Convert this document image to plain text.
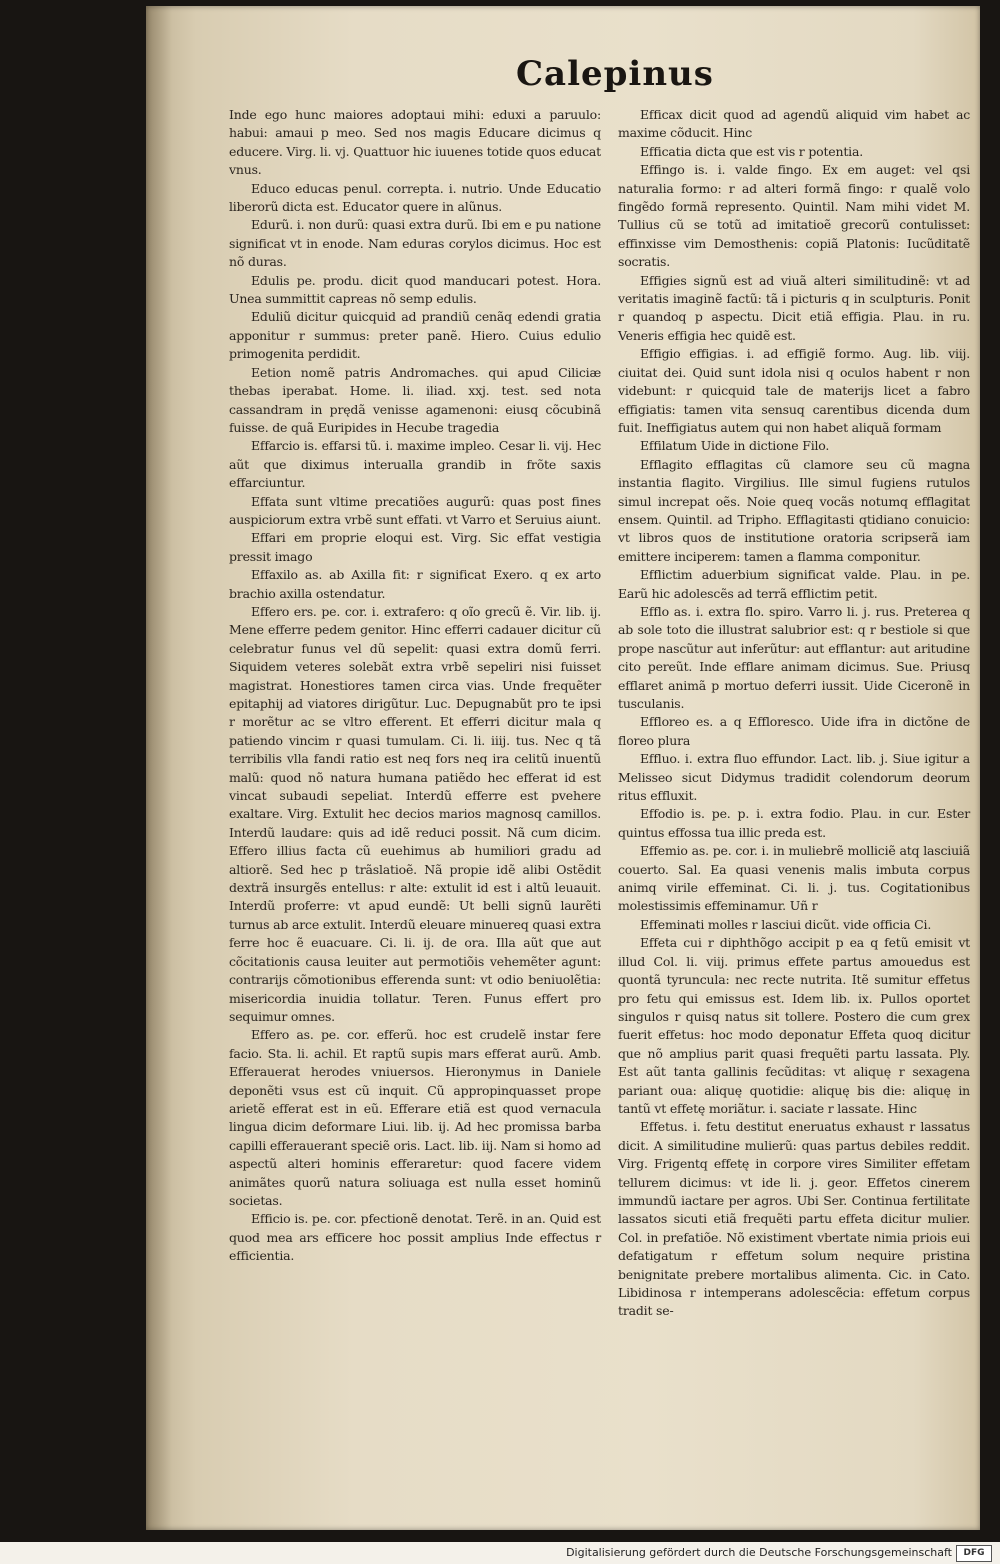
Calepinus

Inde ego hunc maiores adoptaui mihi: eduxi a paruulo: habui: amaui p meo. Sed nos magis Educare dicimus q educere. Virg. li. vj. Quattuor hic iuuenes totide quos educat vnus.

Educo educas penul. correpta. i. nutrio. Unde Educatio liberorũ dicta est. Educator quere in alũnus.

Edurũ. i. non durũ: quasi extra durũ. Ibi em e pu natione significat vt in enode. Nam eduras corylos dicimus. Hoc est nõ duras.

Edulis pe. produ. dicit quod manducari potest. Hora. Unea summittit capreas nõ semp edulis.

Eduliũ dicitur quicquid ad prandiũ cenãq edendi gratia apponitur r summus: preter panẽ. Hiero. Cuius edulio primogenita perdidit.

Eetion nomẽ patris Andromaches. qui apud Ciliciæ thebas iperabat. Home. li. iliad. xxj. test. sed nota cassandram in prędã venisse agamenoni: eiusq cõcubinã fuisse. de quã Euripides in Hecube tragedia

Effarcio is. effarsi tũ. i. maxime impleo. Cesar li. vij. Hec aũt que diximus interualla grandib in frõte saxis effarciuntur.

Effata sunt vltime precatiões augurũ: quas post fines auspiciorum extra vrbẽ sunt effati. vt Varro et Seruius aiunt.

Effari em proprie eloqui est. Virg. Sic effat vestigia pressit imago

Effaxilo as. ab Axilla fit: r significat Exero. q ex arto brachio axilla ostendatur.

Effero ers. pe. cor. i. extrafero: q oĩo grecũ ẽ. Vir. lib. ij. Mene efferre pedem genitor. Hinc efferri cadauer dicitur cũ celebratur funus vel dũ sepelit: quasi extra domũ ferri. Siquidem veteres solebãt extra vrbẽ sepeliri nisi fuisset magistrat. Honestiores tamen circa vias. Unde frequẽter epitaphij ad viatores dirigũtur. Luc. Depugnabũt pro te ipsi r morẽtur ac se vltro efferent. Et efferri dicitur mala q patiendo vincim r quasi tumulam. Ci. li. iiij. tus. Nec q tã terribilis vlla fandi ratio est neq fors neq ira celitũ inuentũ malũ: quod nõ natura humana patiẽdo hec efferat id est vincat subaudi sepeliat. Interdũ efferre est pvehere exaltare. Virg. Extulit hec decios marios magnosq camillos. Interdũ laudare: quis ad idẽ reduci possit. Nã cum dicim. Effero illius facta cũ euehimus ab humiliori gradu ad altiorẽ. Sed hec p trãslatioẽ. Nã propie idẽ alibi Ostẽdit dextrã insurgẽs entellus: r alte: extulit id est i altũ leuauit. Interdũ proferre: vt apud eundẽ: Ut belli signũ laurẽti turnus ab arce extulit. Interdũ eleuare minuereq quasi extra ferre hoc ẽ euacuare. Ci. li. ij. de ora. Illa aũt que aut cõcitationis causa leuiter aut permotiõis vehemẽter agunt: contrarijs cõmotionibus efferenda sunt: vt odio beniuolẽtia: misericordia inuidia tollatur. Teren. Funus effert pro sequimur omnes.

Effero as. pe. cor. efferũ. hoc est crudelẽ instar fere facio. Sta. li. achil. Et raptũ supis mars efferat aurũ. Amb. Efferauerat herodes vniuersos. Hieronymus in Daniele deponẽti vsus est cũ inquit. Cũ appropinquasset prope arietẽ efferat est in eũ. Efferare etiã est quod vernacula lingua dicim deformare Liui. lib. ij. Ad hec promissa barba capilli efferauerant speciẽ oris. Lact. lib. iij. Nam si homo ad aspectũ alteri hominis efferaretur: quod facere videm animãtes quorũ natura soliuaga est nulla esset hominũ societas.

Efficio is. pe. cor. pfectionẽ denotat. Terẽ. in an. Quid est quod mea ars efficere hoc possit amplius Inde effectus r efficientia.

Efficax dicit quod ad agendũ aliquid vim habet ac maxime cõducit. Hinc

Efficatia dicta que est vis r potentia.

Effingo is. i. valde fingo. Ex em auget: vel qsi naturalia formo: r ad alteri formã fingo: r qualẽ volo fingẽdo formã represento. Quintil. Nam mihi videt M. Tullius cũ se totũ ad imitatioẽ grecorũ contulisset: effinxisse vim Demosthenis: copiã Platonis: Iucũditatẽ socratis.

Effigies signũ est ad viuã alteri similitudinẽ: vt ad veritatis imaginẽ factũ: tã i picturis q in sculpturis. Ponit r quandoq p aspectu. Dicit etiã effigia. Plau. in ru. Veneris effigia hec quidẽ est.

Effigio effigias. i. ad effigiẽ formo. Aug. lib. viij. ciuitat dei. Quid sunt idola nisi q oculos habent r non videbunt: r quicquid tale de materijs licet a fabro effigiatis: tamen vita sensuq carentibus dicenda dum fuit. Ineffigiatus autem qui non habet aliquã formam

Effilatum Uide in dictione Filo.

Efflagito efflagitas cũ clamore seu cũ magna instantia flagito. Virgilius. Ille simul fugiens rutulos simul increpat oẽs. Noie queq vocãs notumq efflagitat ensem. Quintil. ad Tripho. Efflagitasti qtidiano conuicio: vt libros quos de institutione oratoria scripserã iam emittere inciperem: tamen a flamma componitur.

Efflictim aduerbium significat valde. Plau. in pe. Earũ hic adolescẽs ad terrã efflictim petit.

Efflo as. i. extra flo. spiro. Varro li. j. rus. Preterea q ab sole toto die illustrat salubrior est: q r bestiole si que prope nascũtur aut inferũtur: aut efflantur: aut aritudine cito pereũt. Inde efflare animam dicimus. Sue. Priusq efflaret animã p mortuo deferri iussit. Uide Ciceronẽ in tusculanis.

Effloreo es. a q Effloresco. Uide ifra in dictõne de floreo plura

Effluo. i. extra fluo effundor. Lact. lib. j. Siue igitur a Melisseo sicut Didymus tradidit colendorum deorum ritus effluxit.

Effodio is. pe. p. i. extra fodio. Plau. in cur. Ester quintus effossa tua illic preda est.

Effemio as. pe. cor. i. in muliebrẽ molliciẽ atq lasciuiã couerto. Sal. Ea quasi venenis malis imbuta corpus animq virile effeminat. Ci. li. j. tus. Cogitationibus molestissimis effeminamur. Uñ r

Effeminati molles r lasciui dicũt. vide officia Ci.

Effeta cui r diphthõgo accipit p ea q fetũ emisit vt illud Col. li. viij. primus effete partus amouedus est quontã tyruncula: nec recte nutrita. Itẽ sumitur effetus pro fetu qui emissus est. Idem lib. ix. Pullos oportet singulos r quisq natus sit tollere. Postero die cum grex fuerit effetus: hoc modo deponatur Effeta quoq dicitur que nõ amplius parit quasi frequẽti partu lassata. Ply. Est aũt tanta gallinis fecũditas: vt aliquę r sexagena pariant oua: aliquę quotidie: aliquę bis die: aliquę in tantũ vt effetę moriãtur. i. saciate r lassate. Hinc

Effetus. i. fetu destitut eneruatus exhaust r lassatus dicit. A similitudine mulierũ: quas partus debiles reddit. Virg. Frigentq effetę in corpore vires Similiter effetam tellurem dicimus: vt ide li. j. geor. Effetos cinerem immundũ iactare per agros. Ubi Ser. Continua fertilitate lassatos sicuti etiã frequẽti partu effeta dicitur mulier. Col. in prefatiõe. Nõ existiment vbertate nimia priois eui defatigatum r effetum solum nequire pristina benignitate prebere mortalibus alimenta. Cic. in Cato. Libidinosa r intemperans adolescẽcia: effetum corpus tradit se-

Digitalisierung gefördert durch die Deutsche Forschungsgemeinschaft	DFG
